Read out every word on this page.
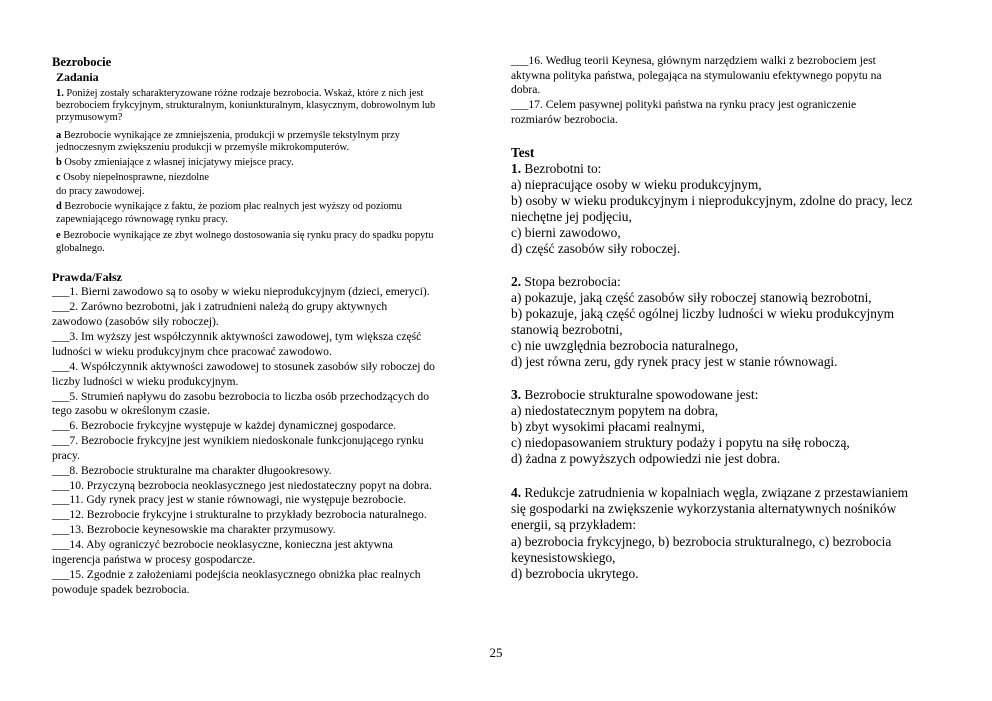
Bezrobocie
Zadania
1. Poniżej zostały scharakteryzowane różne rodzaje bezrobocia. Wskaż, które z nich jest
bezrobociem frykcyjnym, strukturalnym, koniunkturalnym, klasycznym, dobrowolnym lub
przymusowym?
a Bezrobocie wynikające ze zmniejszenia, produkcji w przemyśle tekstylnym przy
jednoczesnym zwiększeniu produkcji w przemyśle mikrokomputerów.
b Osoby zmieniające z własnej inicjatywy miejsce pracy.
c Osoby niepełnosprawne, niezdolne
do pracy zawodowej.
d Bezrobocie wynikające z faktu, że poziom płac realnych jest wyższy od poziomu
zapewniającego równowagę rynku pracy.
e Bezrobocie wynikające ze zbyt wolnego dostosowania się rynku pracy do spadku popytu
globalnego.
Prawda/Fałsz
___1. Bierni zawodowo są to osoby w wieku nieprodukcyjnym (dzieci, emeryci).
___2. Zarówno bezrobotni, jak i zatrudnieni należą do grupy aktywnych
zawodowo (zasobów siły roboczej).
___3. Im wyższy jest współczynnik aktywności zawodowej, tym większa część
ludności w wieku produkcyjnym chce pracować zawodowo.
___4. Współczynnik aktywności zawodowej to stosunek zasobów siły roboczej do
liczby ludności w wieku produkcyjnym.
___5. Strumień napływu do zasobu bezrobocia to liczba osób przechodzących do
tego zasobu w określonym czasie.
___6. Bezrobocie frykcyjne występuje w każdej dynamicznej gospodarce.
___7. Bezrobocie frykcyjne jest wynikiem niedoskonale funkcjonującego rynku
pracy.
___8. Bezrobocie strukturalne ma charakter długookresowy.
___10. Przyczyną bezrobocia neoklasycznego jest niedostateczny popyt na dobra.
___11. Gdy rynek pracy jest w stanie równowagi, nie występuje bezrobocie.
___12. Bezrobocie frykcyjne i strukturalne to przykłady bezrobocia naturalnego.
___13. Bezrobocie keynesowskie ma charakter przymusowy.
___14. Aby ograniczyć bezrobocie neoklasyczne, konieczna jest aktywna
ingerencja państwa w procesy gospodarcze.
___15. Zgodnie z założeniami podejścia neoklasycznego obniżka płac realnych
powoduje spadek bezrobocia.
___16. Według teorii Keynesa, głównym narzędziem walki z bezrobociem jest
aktywna polityka państwa, polegająca na stymulowaniu efektywnego popytu na
dobra.
___17. Celem pasywnej polityki państwa na rynku pracy jest ograniczenie
rozmiarów bezrobocia.
Test
1. Bezrobotni to:
a) niepracujące osoby w wieku produkcyjnym,
b) osoby w wieku produkcyjnym i nieprodukcyjnym, zdolne do pracy, lecz
niechętne jej podjęciu,
c) bierni zawodowo,
d) część zasobów siły roboczej.
2. Stopa bezrobocia:
a) pokazuje, jaką część zasobów siły roboczej stanowią bezrobotni,
b) pokazuje, jaką część ogólnej liczby ludności w wieku produkcyjnym
stanowią bezrobotni,
c) nie uwzględnia bezrobocia naturalnego,
d) jest równa zeru, gdy rynek pracy jest w stanie równowagi.
3. Bezrobocie strukturalne spowodowane jest:
a) niedostatecznym popytem na dobra,
b) zbyt wysokimi płacami realnymi,
c) niedopasowaniem struktury podaży i popytu na siłę roboczą,
d) żadna z powyższych odpowiedzi nie jest dobra.
4. Redukcje zatrudnienia w kopalniach węgla, związane z przestawianiem
się gospodarki na zwiększenie wykorzystania alternatywnych nośników
energii, są przykładem:
a) bezrobocia frykcyjnego, b) bezrobocia strukturalnego, c) bezrobocia
keynesistowskiego,
d) bezrobocia ukrytego.
25
